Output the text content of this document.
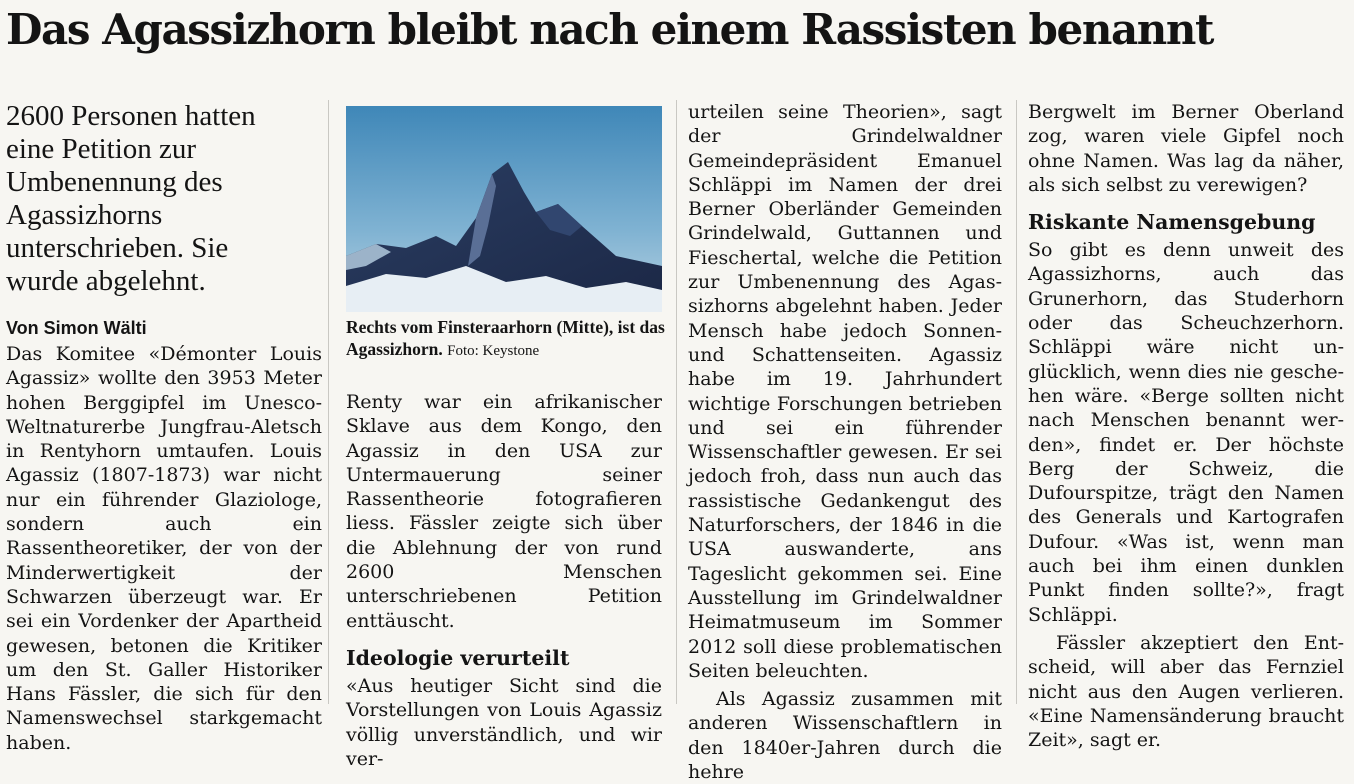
Das Agassizhorn bleibt nach einem Rassisten benannt

2600 Personen hatten eine Petition zur Umbenennung des Agassizhorns unterschrieben. Sie wurde abgelehnt.

Von Simon Wälti

Das Komitee «Démonter Louis Agassiz» wollte den 3953 Meter hohen Berggipfel im Unesco-Weltnaturerbe Jungfrau-Aletsch in Rentyhorn umtaufen. Louis Agassiz (1807-1873) war nicht nur ein führender Glaziologe, sondern auch ein Rassentheoretiker, der von der Minderwertigkeit der Schwarzen überzeugt war. Er sei ein Vordenker der Apartheid gewesen, betonen die Kritiker um den St. Galler Historiker Hans Fässler, die sich für den Namenswechsel starkgemacht haben.

Rechts vom Finsteraarhorn (Mitte), ist das Agassizhorn. Foto: Keystone

Renty war ein afrikanischer Sklave aus dem Kongo, den Agassiz in den USA zur Untermauerung seiner Rassentheorie fotografieren liess. Fässler zeigte sich über die Ablehnung der von rund 2600 Menschen unterschriebenen Petition enttäuscht.

Ideologie verurteilt

«Aus heutiger Sicht sind die Vorstellungen von Louis Agassiz völlig unverständlich, und wir ver-

urteilen seine Theorien», sagt der Grindelwaldner Gemeindepräsident Emanuel Schläppi im Namen der drei Berner Oberländer Gemeinden Grindelwald, Guttannen und Fieschertal, welche die Petition zur Umbenennung des Agassizhorns abgelehnt haben. Jeder Mensch habe jedoch Sonnen- und Schattenseiten. Agassiz habe im 19. Jahrhundert wichtige Forschungen betrieben und sei ein führender Wissenschaftler gewesen. Er sei jedoch froh, dass nun auch das rassistische Gedankengut des Naturforschers, der 1846 in die USA auswanderte, ans Tageslicht gekommen sei. Eine Ausstellung im Grindelwaldner Heimatmuseum im Sommer 2012 soll diese problematischen Seiten beleuchten.

Als Agassiz zusammen mit anderen Wissenschaftlern in den 1840er-Jahren durch die hehre

Bergwelt im Berner Oberland zog, waren viele Gipfel noch ohne Namen. Was lag da näher, als sich selbst zu verewigen?

Riskante Namensgebung

So gibt es denn unweit des Agassizhorns, auch das Grunerhorn, das Studerhorn oder das Scheuchzerhorn. Schläppi wäre nicht unglücklich, wenn dies nie geschehen wäre. «Berge sollten nicht nach Menschen benannt werden», findet er. Der höchste Berg der Schweiz, die Dufourspitze, trägt den Namen des Generals und Kartografen Dufour. «Was ist, wenn man auch bei ihm einen dunklen Punkt finden sollte?», fragt Schläppi.

Fässler akzeptiert den Entscheid, will aber das Fernziel nicht aus den Augen verlieren. «Eine Namensänderung braucht Zeit», sagt er.
